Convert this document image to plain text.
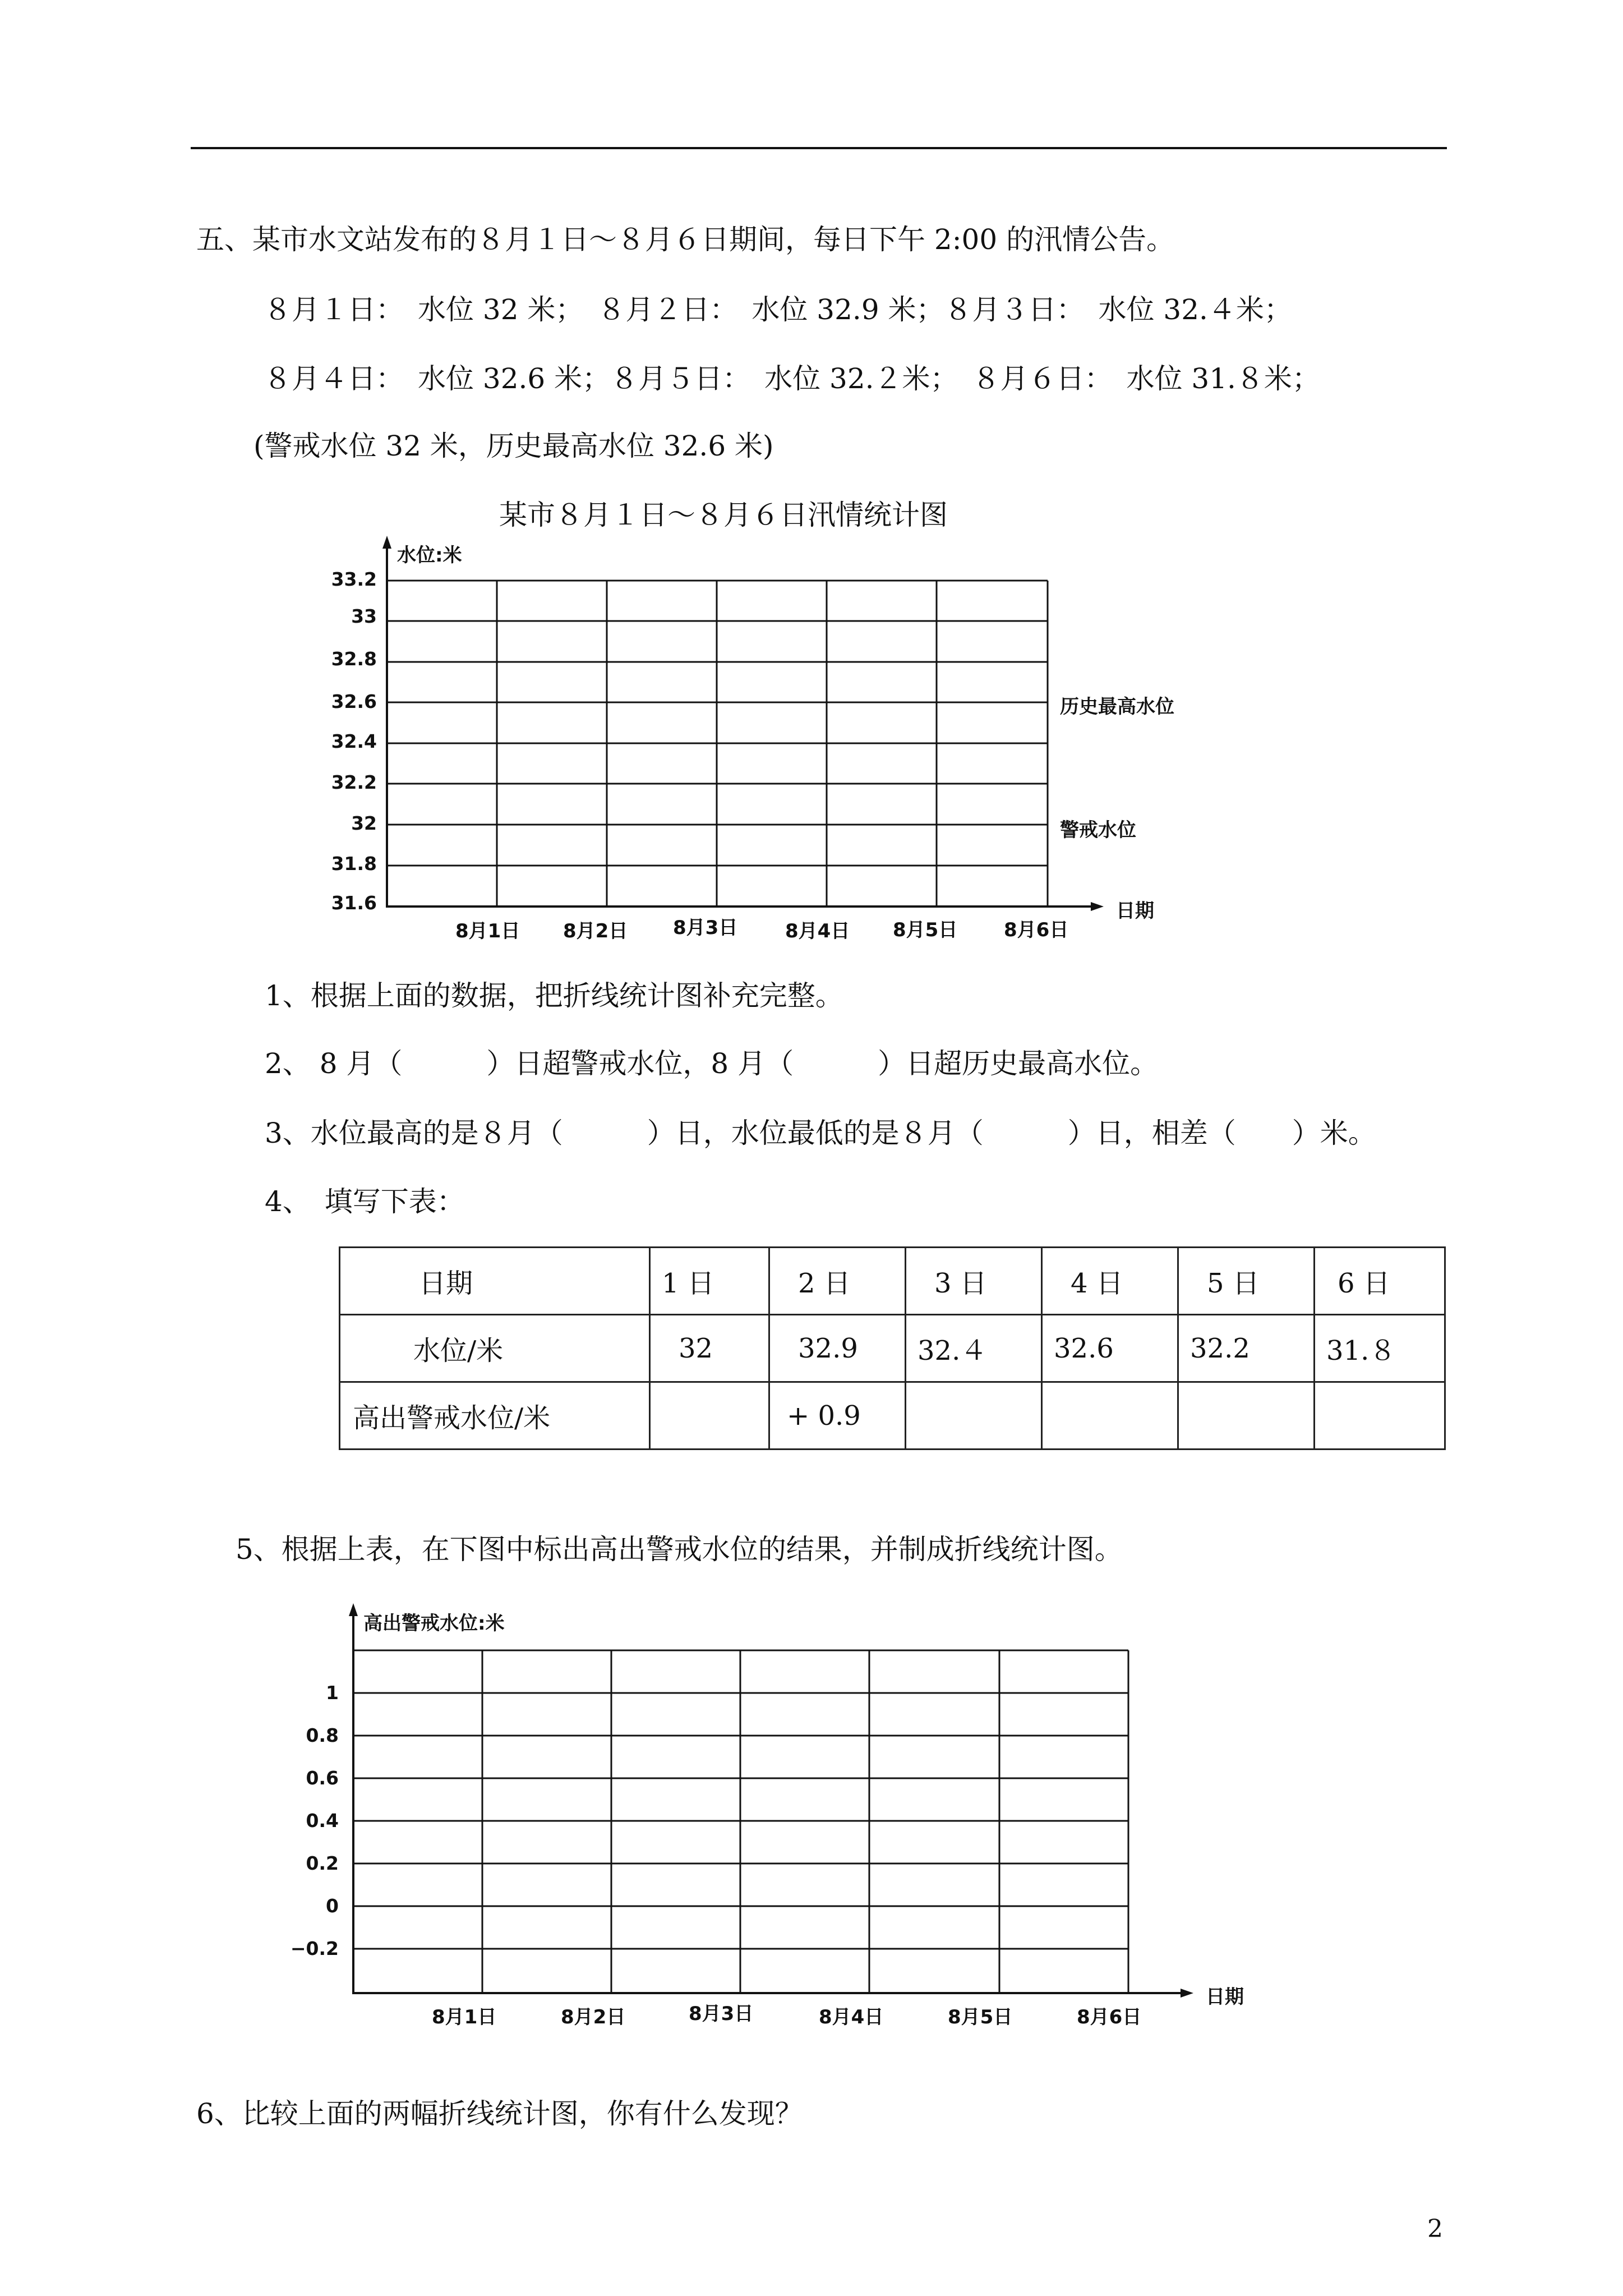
五、某市水文站发布的８月１日～８月６日期间，每日下午 2:00 的汛情公告。
８月１日：　水位 32 米；　８月２日：　水位 32.9 米；８月３日：　水位 32.４米；
８月４日：　水位 32.6 米；８月５日：　水位 32.２米；　８月６日：　水位 31.８米；
(警戒水位 32 米，历史最高水位 32.6 米)
某市８月１日～８月６日汛情统计图
水位:米
日期
历史最高水位
警戒水位
33.2
33
32.8
32.6
32.4
32.2
32
31.8
31.6
8月1日 8月2日 8月3日 8月4日 8月5日 8月6日
1、根据上面的数据，把折线统计图补充完整。
2、 8 月（　　　）日超警戒水位，8 月（　　　）日超历史最高水位。
3、水位最高的是８月（　　　）日，水位最低的是８月（　　　）日，相差（　　）米。
4、　填写下表：
日期	1 日	2 日	3 日	4 日	5 日	6 日
水位/米	32	32.9	32.４	32.6	32.2	31.８
高出警戒水位/米		+ 0.9				
5、根据上表，在下图中标出高出警戒水位的结果，并制成折线统计图。
高出警戒水位:米
日期
1
0.8
0.6
0.4
0.2
0
−0.2
8月1日	8月2日	8月3日	8月4日	8月5日	8月6日
6、比较上面的两幅折线统计图，你有什么发现？
2
